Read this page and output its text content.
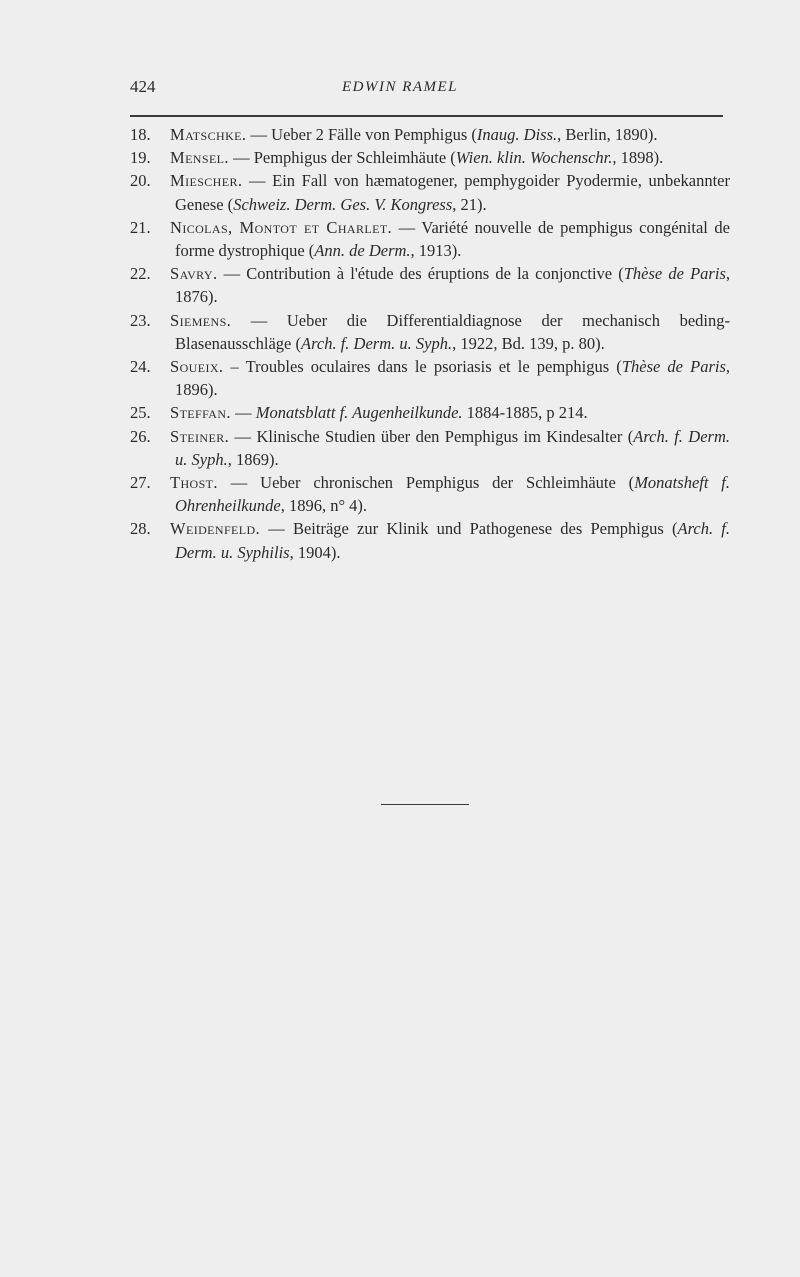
424	EDWIN RAMEL
18. Matschke. — Ueber 2 Fälle von Pemphigus (Inaug. Diss., Berlin, 1890).
19. Mensel. — Pemphigus der Schleimhäute (Wien. klin. Wochenschr., 1898).
20. Miescher. — Ein Fall von hæmatogener, pemphygoider Pyodermie, unbekannter Genese (Schweiz. Derm. Ges. V. Kongress, 21).
21. Nicolas, Montot et Charlet. — Variété nouvelle de pemphigus congénital de forme dystrophique (Ann. de Derm., 1913).
22. Savry. — Contribution à l'étude des éruptions de la conjonctive (Thèse de Paris, 1876).
23. Siemens. — Ueber die Differentialdiagnose der mechanisch beding-Blasenausschläge (Arch. f. Derm. u. Syph., 1922, Bd. 139, p. 80).
24. Soueix. – Troubles oculaires dans le psoriasis et le pemphigus (Thèse de Paris, 1896).
25. Steffan. — Monatsblatt f. Augenheilkunde. 1884-1885, p 214.
26. Steiner. — Klinische Studien über den Pemphigus im Kindesalter (Arch. f. Derm. u. Syph., 1869).
27. Thost. — Ueber chronischen Pemphigus der Schleimhäute (Monatsheft f. Ohrenheilkunde, 1896, n° 4).
28. Weidenfeld. — Beiträge zur Klinik und Pathogenese des Pemphigus (Arch. f. Derm. u. Syphilis, 1904).
